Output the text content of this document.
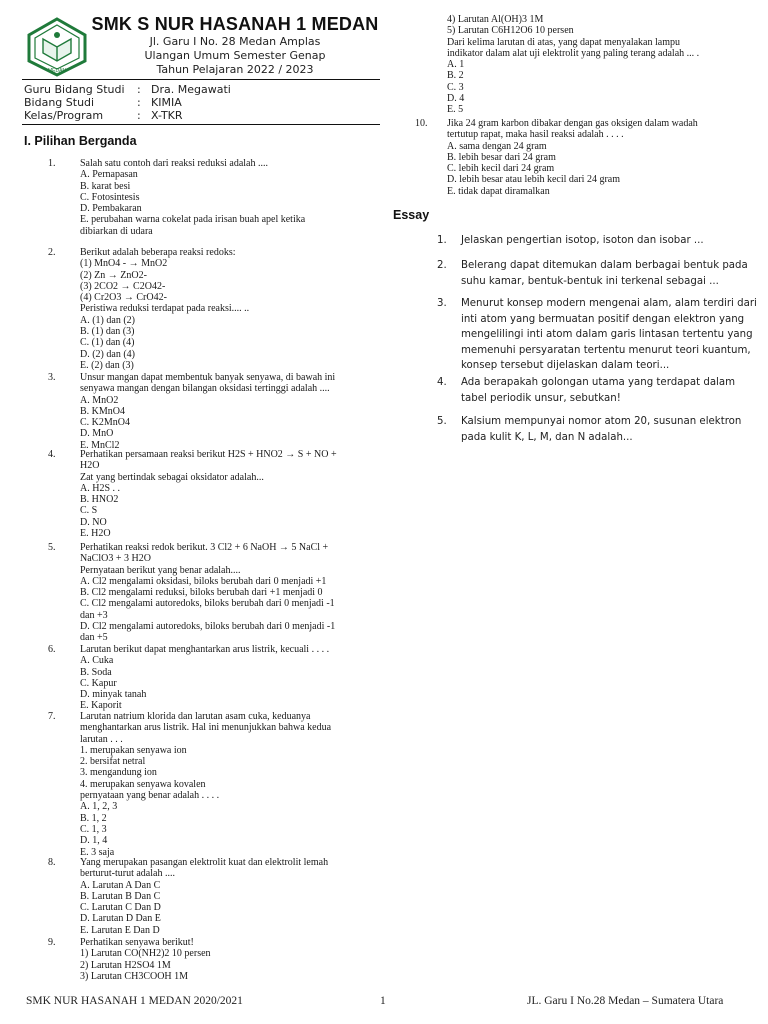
MEDAN
SMK S NUR HASANAH 1 MEDAN
Jl. Garu I No. 28 Medan Amplas
Ulangan Umum Semester Genap
Tahun Pelajaran 2022 / 2023
Guru Bidang Studi : Dra. Megawati
Bidang Studi	: KIMIA
Kelas/Program	: X-TKR
I. Pilihan Berganda
1. Salah satu contoh dari reaksi reduksi adalah ....
A. Pernapasan
B. karat besi
C. Fotosintesis
D. Pembakaran
E. perubahan warna cokelat pada irisan buah apel ketika
dibiarkan di udara
2. Berikut adalah beberapa reaksi redoks:
(1) MnO4 - → MnO2
(2) Zn → ZnO2-
(3) 2CO2 → C2O42-
(4) Cr2O3 → CrO42-
Peristiwa reduksi terdapat pada reaksi.... ..
A. (1) dan (2)
B. (1) dan (3)
C. (1) dan (4)
D. (2) dan (4)
E. (2) dan (3)
3. Unsur mangan dapat membentuk banyak senyawa, di bawah ini
senyawa mangan dengan bilangan oksidasi tertinggi adalah ....
A. MnO2
B. KMnO4
C. K2MnO4
D. MnO
E. MnCl2
4. Perhatikan persamaan reaksi berikut H2S + HNO2 → S + NO +
H2O
Zat yang bertindak sebagai oksidator adalah...
A. H2S . .
B. HNO2
C. S
D. NO
E. H2O
5. Perhatikan reaksi redok berikut. 3 Cl2 + 6 NaOH → 5 NaCl +
NaClO3 + 3 H2O
Pernyataan berikut yang benar adalah....
A. Cl2 mengalami oksidasi, biloks berubah dari 0 menjadi +1
B. Cl2 mengalami reduksi, biloks berubah dari +1 menjadi 0
C. Cl2 mengalami autoredoks, biloks berubah dari 0 menjadi -1
dan +3
D. Cl2 mengalami autoredoks, biloks berubah dari 0 menjadi -1
dan +5
6. Larutan berikut dapat menghantarkan arus listrik, kecuali . . . .
A. Cuka
B. Soda
C. Kapur
D. minyak tanah
E. Kaporit
7. Larutan natrium klorida dan larutan asam cuka, keduanya
menghantarkan arus listrik. Hal ini menunjukkan bahwa kedua
larutan . . .
1. merupakan senyawa ion
2. bersifat netral
3. mengandung ion
4. merupakan senyawa kovalen
pernyataan yang benar adalah . . . .
A. 1, 2, 3
B. 1, 2
C. 1, 3
D. 1, 4
E. 3 saja
8. Yang merupakan pasangan elektrolit kuat dan elektrolit lemah
berturut-turut adalah ....
A. Larutan A Dan C
B. Larutan B Dan C
C. Larutan C Dan D
D. Larutan D Dan E
E. Larutan E Dan D
9. Perhatikan senyawa berikut!
1) Larutan CO(NH2)2 10 persen
2) Larutan H2SO4 1M
3) Larutan CH3COOH 1M
4) Larutan Al(OH)3 1M
5) Larutan C6H12O6 10 persen
Dari kelima larutan di atas, yang dapat menyalakan lampu
indikator dalam alat uji elektrolit yang paling terang adalah ... .
A. 1
B. 2
C. 3
D. 4
E. 5
10. Jika 24 gram karbon dibakar dengan gas oksigen dalam wadah
tertutup rapat, maka hasil reaksi adalah . . . .
A. sama dengan 24 gram
B. lebih besar dari 24 gram
C. lebih kecil dari 24 gram
D. lebih besar atau lebih kecil dari 24 gram
E. tidak dapat diramalkan
Essay
1. Jelaskan pengertian isotop, isoton dan isobar ...
2. Belerang dapat ditemukan dalam berbagai bentuk pada suhu kamar, bentuk-bentuk ini terkenal sebagai ...
3. Menurut konsep modern mengenai alam, alam terdiri dari inti atom yang bermuatan positif dengan elektron yang mengelilingi inti atom dalam garis lintasan tertentu yang memenuhi persyaratan tertentu menurut teori kuantum, konsep tersebut dijelaskan dalam teori...
4. Ada berapakah golongan utama yang terdapat dalam tabel periodik unsur, sebutkan!
5. Kalsium mempunyai nomor atom 20, susunan elektron pada kulit K, L, M, dan N adalah...
SMK NUR HASANAH 1 MEDAN 2020/2021	1	JL. Garu I No.28 Medan – Sumatera Utara
